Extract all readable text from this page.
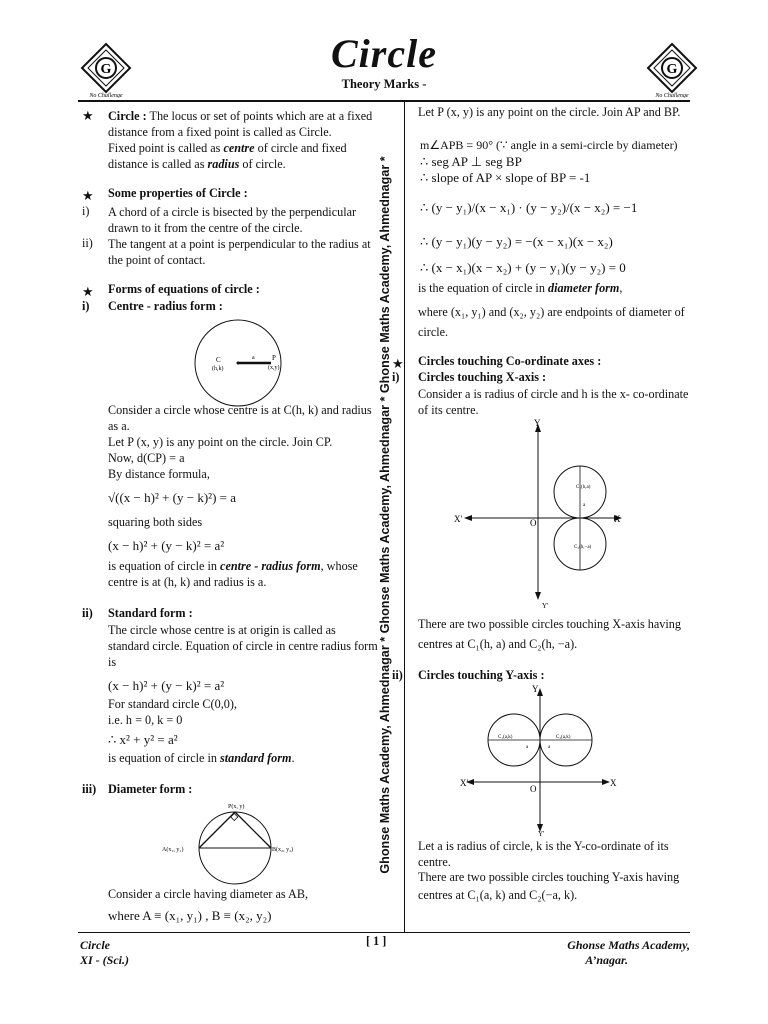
G
No Challenge
G
No Challenge
Circle
Theory Marks -
Ghonse Maths Academy, Ahmednagar * Ghonse Maths Academy, Ahmednagar * Ghonse Maths Academy, Ahmednagar *
★ Circle : The locus or set of points which are at a fixed distance from a fixed point is called as Circle.
Fixed point is called as centre of circle and fixed distance is called as radius of circle.

★ Some properties of Circle :
i) A chord of a circle is bisected by the perpendicular drawn to it from the centre of the circle.

ii) The tangent at a point is perpendicular to the radius at the point of contact.

★ Forms of equations of circle :
i) Centre - radius form :
C
(h,k)
a P
(x,y)

Consider a circle whose centre is at C(h, k) and radius as a.
Let P (x, y) is any point on the circle. Join CP.
Now, d(CP) = a
By distance formula,

√((x − h)² + (y − k)²) = a

squaring both sides

(x − h)² + (y − k)² = a²

is equation of circle in centre - radius form, whose centre is at (h, k) and radius is a.

ii) Standard form :

The circle whose centre is at origin is called as standard circle. Equation of circle in centre radius form is

(x − h)² + (y − k)² = a²

For standard circle C(0,0),
i.e. h = 0, k = 0

∴ x² + y² = a²

is equation of circle in standard form.

iii) Diameter form :
P(x, y)
A(x₁, y₁)	B(x₂, y₂)

Consider a circle having diameter as AB,

where A ≡ (x₁, y₁) , B ≡ (x₂, y₂)

Let P (x, y) is any point on the circle. Join AP and BP.

m∠APB = 90° (∵ angle in a semi-circle by diameter)
∴ seg AP ⊥ seg BP
∴ slope of AP × slope of BP = -1
∴ (y − y₁)/(x − x₁) · (y − y₂)/(x − x₂) = −1
∴ (y − y₁)(y − y₂) = −(x − x₁)(x − x₂)
∴ (x − x₁)(x − x₂) + (y − y₁)(y − y₂) = 0

is the equation of circle in diameter form,

where (x₁, y₁) and (x₂, y₂) are endpoints of diameter of circle.

★ Circles touching Co-ordinate axes :
i) Circles touching X-axis :

Consider a is radius of circle and h is the x- co-ordinate of its centre.

Y
X
X'
Y'
O
C₁(h,a)
C₂(h,−a)
a

There are two possible circles touching X-axis having centres at C₁(h, a) and C₂(h, −a).

ii) Circles touching Y-axis :
Y
X
X'
Y'
O
C₁(a,k)	C₂(a,k)
a	a

Let a is radius of circle, k is the Y-co-ordinate of its centre.

There are two possible circles touching Y-axis having centres at C₁(a, k) and C₂(−a, k).

Circle
XI - (Sci.)
[ 1 ]	Ghonse Maths Academy,
A’nagar.
